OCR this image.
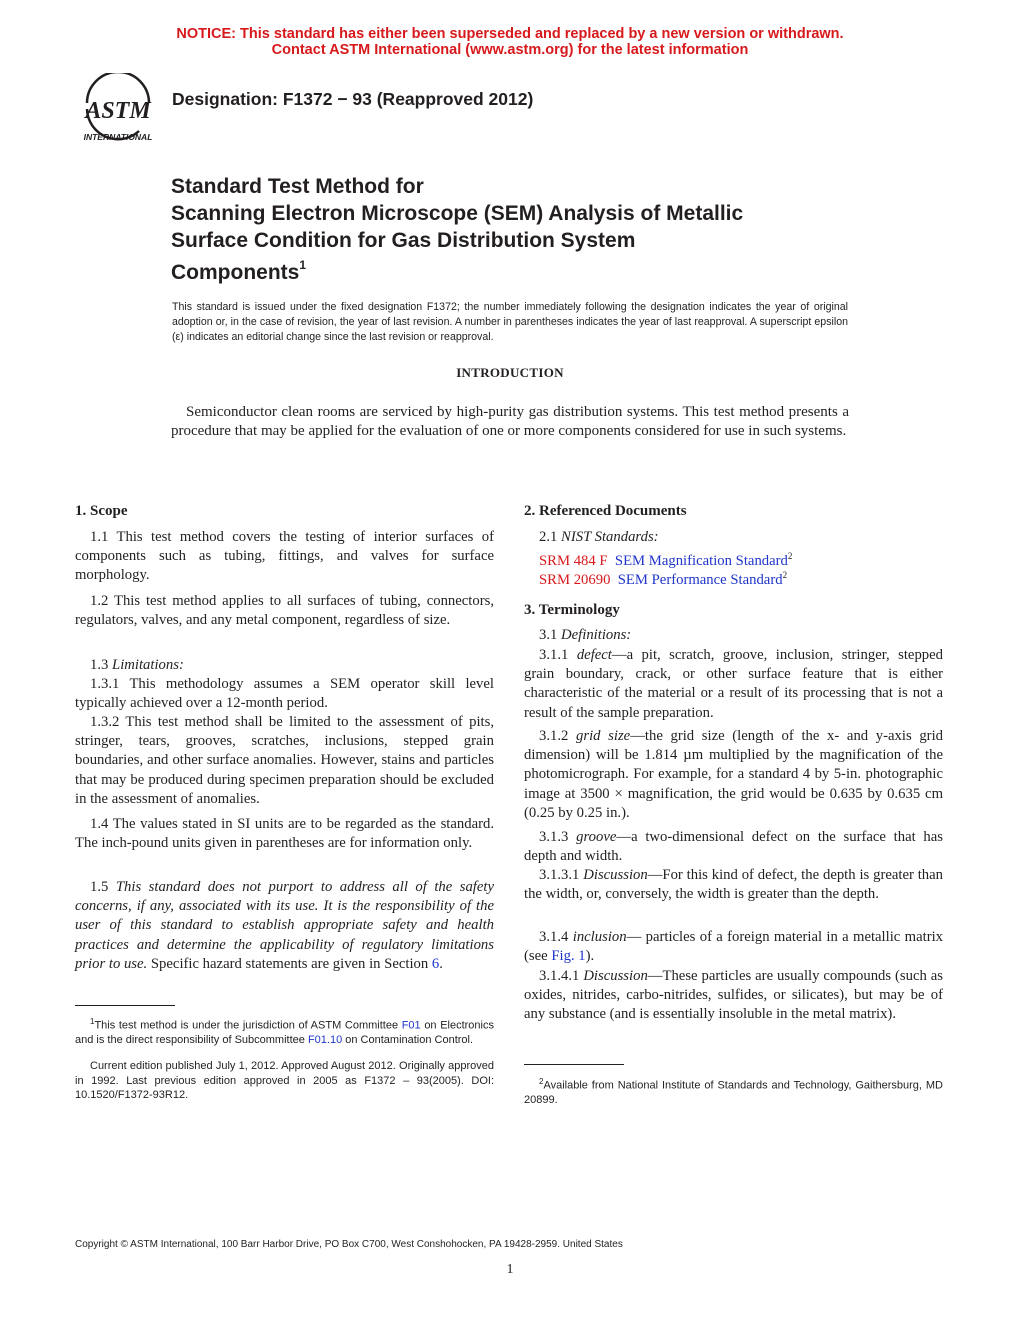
NOTICE: This standard has either been superseded and replaced by a new version or withdrawn.
Contact ASTM International (www.astm.org) for the latest information
ASTM
INTERNATIONAL
Designation: F1372 − 93 (Reapproved 2012)
Standard Test Method for
Scanning Electron Microscope (SEM) Analysis of Metallic
Surface Condition for Gas Distribution System
Components$^1$
This standard is issued under the fixed designation F1372; the number immediately following the designation indicates the year of original adoption or, in the case of revision, the year of last revision. A number in parentheses indicates the year of last reapproval. A superscript epsilon (ε) indicates an editorial change since the last revision or reapproval.
INTRODUCTION
Semiconductor clean rooms are serviced by high-purity gas distribution systems. This test method presents a procedure that may be applied for the evaluation of one or more components considered for use in such systems.
1. Scope
1.1 This test method covers the testing of interior surfaces of components such as tubing, fittings, and valves for surface morphology.
1.2 This test method applies to all surfaces of tubing, connectors, regulators, valves, and any metal component, regardless of size.
1.3 Limitations:
1.3.1 This methodology assumes a SEM operator skill level typically achieved over a 12-month period.
1.3.2 This test method shall be limited to the assessment of pits, stringer, tears, grooves, scratches, inclusions, stepped grain boundaries, and other surface anomalies. However, stains and particles that may be produced during specimen preparation should be excluded in the assessment of anomalies.
1.4 The values stated in SI units are to be regarded as the standard. The inch-pound units given in parentheses are for information only.
1.5 This standard does not purport to address all of the safety concerns, if any, associated with its use. It is the responsibility of the user of this standard to establish appropriate safety and health practices and determine the applicability of regulatory limitations prior to use. Specific hazard statements are given in Section 6.
$^1$This test method is under the jurisdiction of ASTM Committee F01 on Electronics and is the direct responsibility of Subcommittee F01.10 on Contamination Control.
Current edition published July 1, 2012. Approved August 2012. Originally approved in 1992. Last previous edition approved in 2005 as F1372 – 93(2005). DOI: 10.1520/F1372-93R12.
2. Referenced Documents
2.1 NIST Standards:
SRM 484 F SEM Magnification Standard$^2$
SRM 20690 SEM Performance Standard$^2$
3. Terminology
3.1 Definitions:
3.1.1 defect—a pit, scratch, groove, inclusion, stringer, stepped grain boundary, crack, or other surface feature that is either characteristic of the material or a result of its processing that is not a result of the sample preparation.
3.1.2 grid size—the grid size (length of the x- and y-axis grid dimension) will be 1.814 µm multiplied by the magnification of the photomicrograph. For example, for a standard 4 by 5-in. photographic image at 3500 × magnification, the grid would be 0.635 by 0.635 cm (0.25 by 0.25 in.).
3.1.3 groove—a two-dimensional defect on the surface that has depth and width.
3.1.3.1 Discussion—For this kind of defect, the depth is greater than the width, or, conversely, the width is greater than the depth.
3.1.4 inclusion— particles of a foreign material in a metallic matrix (see Fig. 1).
3.1.4.1 Discussion—These particles are usually compounds (such as oxides, nitrides, carbo-nitrides, sulfides, or silicates), but may be of any substance (and is essentially insoluble in the metal matrix).
$^2$Available from National Institute of Standards and Technology, Gaithersburg, MD 20899.
Copyright © ASTM International, 100 Barr Harbor Drive, PO Box C700, West Conshohocken, PA 19428-2959. United States
1
